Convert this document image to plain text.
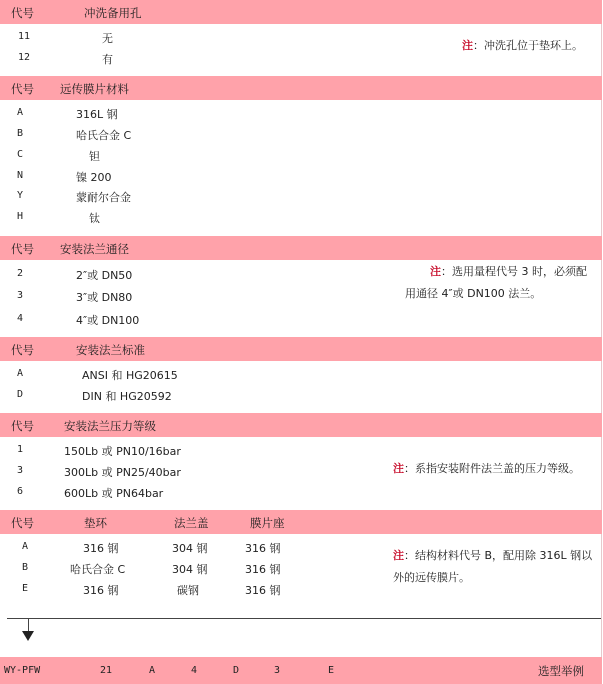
代号	冲洗备用孔
11	无
12	有
注：冲洗孔位于垫环上。
代号 远传膜片材料
A	316L 钢
B	哈氏合金 C
C	钽
N	镍 200
Y	蒙耐尔合金
H	钛
代号 安装法兰通径
2	2″或 DN50
3	3″或 DN80
4	4″或 DN100
注：选用量程代号 3 时，必须配
用通径 4″或 DN100 法兰。
代号	安装法兰标准
A	ANSI 和 HG20615
D	DIN 和 HG20592
代号	安装法兰压力等级
1	150Lb 或 PN10/16bar
3	300Lb 或 PN25/40bar
6	600Lb 或 PN64bar
注：系指安装附件法兰盖的压力等级。
代号	垫环	法兰盖	膜片座
A	316 钢	304 钢	316 钢
B	哈氏合金 C	304 钢	316 钢
E	316 钢	碳钢	316 钢
注：结构材料代号 B，配用除 316L 钢以
外的远传膜片。
WY-PFW	21	A	4	D	3	E	选型举例
